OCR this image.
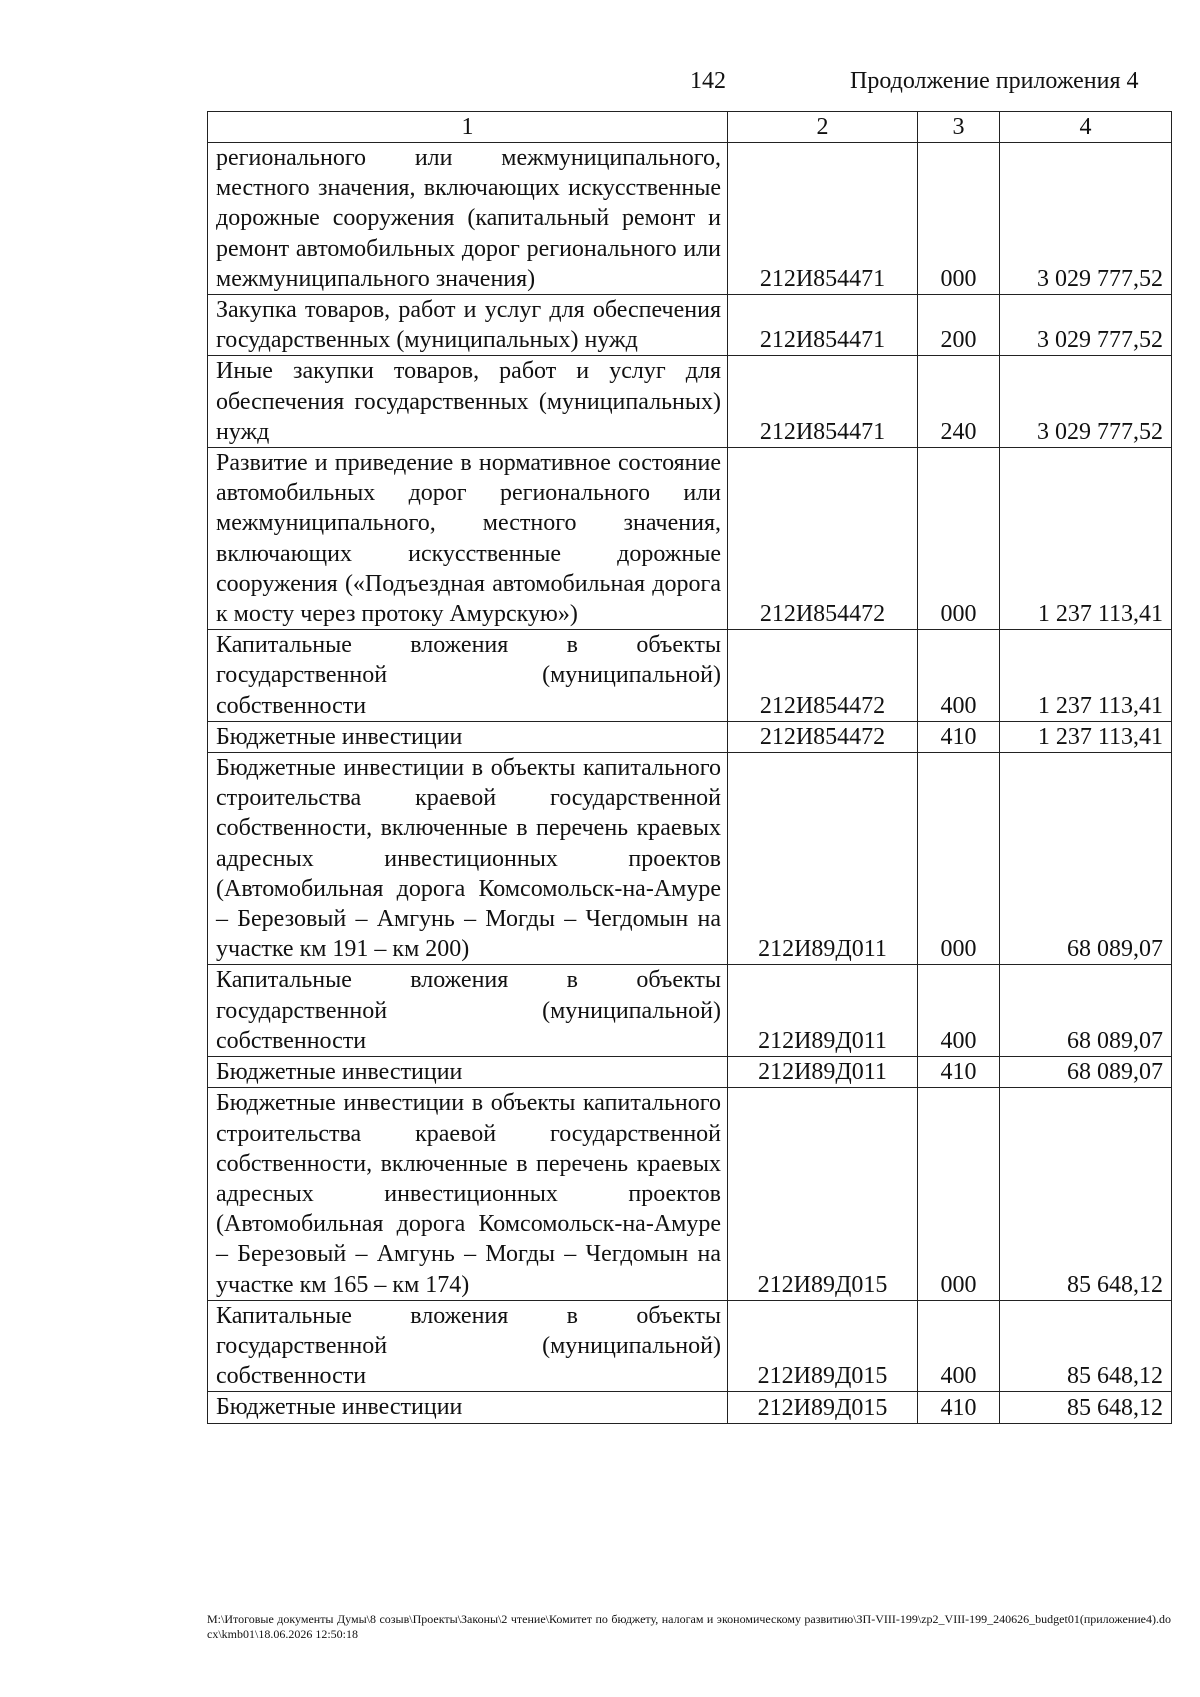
142	Продолжение приложения 4
1	2	3	4
регионального или межмуниципального, местного значения, включающих искусственные дорожные сооружения (капитальный ремонт и ремонт автомобильных дорог регионального или межмуниципального значения)	212И854471	000	3 029 777,52
Закупка товаров, работ и услуг для обеспечения государственных (муниципальных) нужд	212И854471	200	3 029 777,52
Иные закупки товаров, работ и услуг для обеспечения государственных (муниципальных) нужд	212И854471	240	3 029 777,52
Развитие и приведение в нормативное состояние автомобильных дорог регионального или межмуниципального, местного значения, включающих искусственные дорожные сооружения («Подъездная автомобильная дорога к мосту через протоку Амурскую»)	212И854472	000	1 237 113,41
Капитальные вложения в объекты государственной (муниципальной) собственности	212И854472	400	1 237 113,41
Бюджетные инвестиции	212И854472	410	1 237 113,41
Бюджетные инвестиции в объекты капитального строительства краевой государственной собственности, включенные в перечень краевых адресных инвестиционных проектов (Автомобильная дорога Комсомольск-на-Амуре – Березовый – Амгунь – Могды – Чегдомын на участке км 191 – км 200)	212И89Д011	000	68 089,07
Капитальные вложения в объекты государственной (муниципальной) собственности	212И89Д011	400	68 089,07
Бюджетные инвестиции	212И89Д011	410	68 089,07
Бюджетные инвестиции в объекты капитального строительства краевой государственной собственности, включенные в перечень краевых адресных инвестиционных проектов (Автомобильная дорога Комсомольск-на-Амуре – Березовый – Амгунь – Могды – Чегдомын на участке км 165 – км 174)	212И89Д015	000	85 648,12
Капитальные вложения в объекты государственной (муниципальной) собственности	212И89Д015	400	85 648,12
Бюджетные инвестиции	212И89Д015	410	85 648,12
M:\Итоговые документы Думы\8 созыв\Проекты\Законы\2 чтение\Комитет по бюджету, налогам и экономическому развитию\ЗП-VIII-199\zp2_VIII-199_240626_budget01(приложение4).docx\kmb01\18.06.2026 12:50:18
